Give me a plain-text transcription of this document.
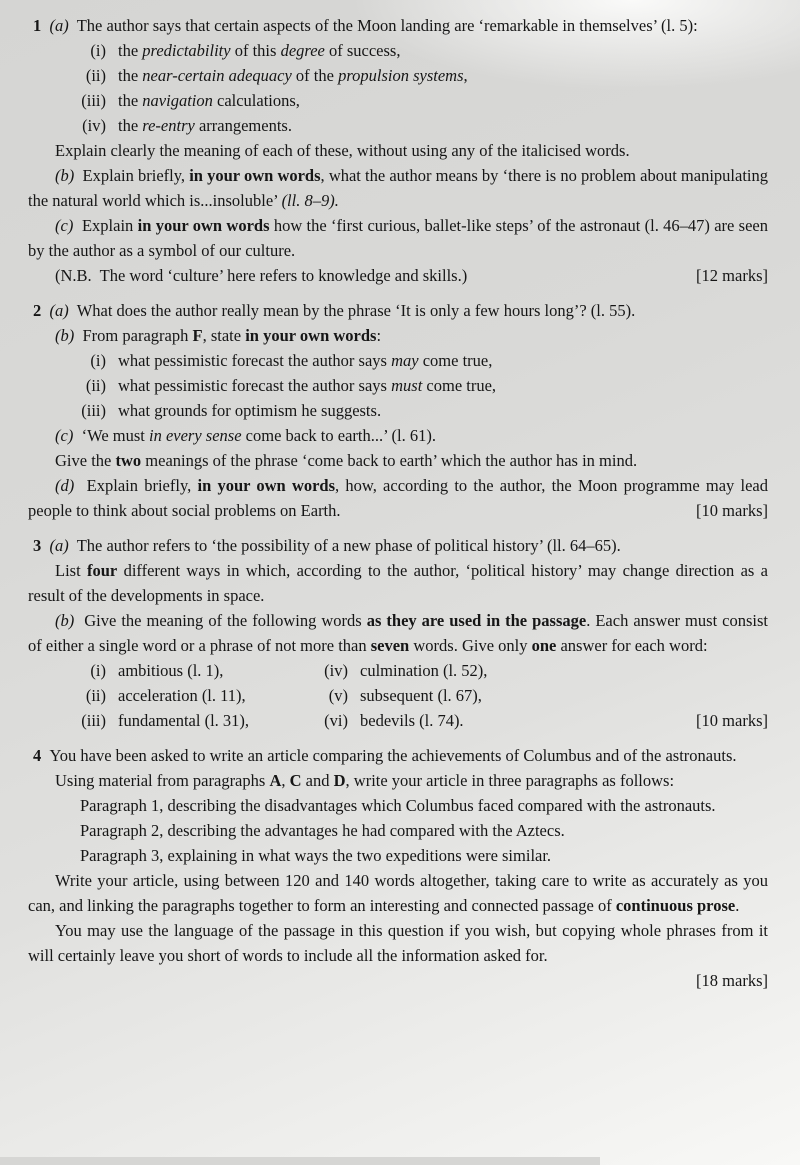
1 (a)  The author says that certain aspects of the Moon landing are ‘remarkable in themselves’ (l. 5):

(i) the predictability of this degree of success,
(ii) the near-certain adequacy of the propulsion systems,
(iii) the navigation calculations,
(iv) the re-entry arrangements.

Explain clearly the meaning of each of these, without using any of the italicised words.

(b)  Explain briefly, in your own words, what the author means by ‘there is no problem about manipulating the natural world which is...insoluble’ (ll. 8–9).

(c)  Explain in your own words how the ‘first curious, ballet-like steps’ of the astronaut (l. 46–47) are seen by the author as a symbol of our culture.

(N.B.  The word ‘culture’ here refers to knowledge and skills.)	[12 marks]

2 (a)  What does the author really mean by the phrase ‘It is only a few hours long’? (l. 55).

(b)  From paragraph F, state in your own words:

(i) what pessimistic forecast the author says may come true,
(ii) what pessimistic forecast the author says must come true,
(iii) what grounds for optimism he suggests.

(c)  ‘We must in every sense come back to earth...’ (l. 61).

Give the two meanings of the phrase ‘come back to earth’ which the author has in mind.

(d)  Explain briefly, in your own words, how, according to the author, the Moon programme may lead people to think about social problems on Earth.	[10 marks]

3 (a)  The author refers to ‘the possibility of a new phase of political history’ (ll. 64–65).

List four different ways in which, according to the author, ‘political history’ may change direction as a result of the developments in space.

(b)  Give the meaning of the following words as they are used in the passage. Each answer must consist of either a single word or a phrase of not more than seven words. Give only one answer for each word:

(i) ambitious (l. 1),	(iv) culmination (l. 52),
(ii) acceleration (l. 11),	(v) subsequent (l. 67),
(iii) fundamental (l. 31),	(vi) bedevils (l. 74).	[10 marks]

4  You have been asked to write an article comparing the achievements of Columbus and of the astronauts.

Using material from paragraphs A, C and D, write your article in three paragraphs as follows:

Paragraph 1, describing the disadvantages which Columbus faced compared with the astronauts.

Paragraph 2, describing the advantages he had compared with the Aztecs.

Paragraph 3, explaining in what ways the two expeditions were similar.

Write your article, using between 120 and 140 words altogether, taking care to write as accurately as you can, and linking the paragraphs together to form an interesting and connected passage of continuous prose.

You may use the language of the passage in this question if you wish, but copying whole phrases from it will certainly leave you short of words to include all the information asked for.

[18 marks]
